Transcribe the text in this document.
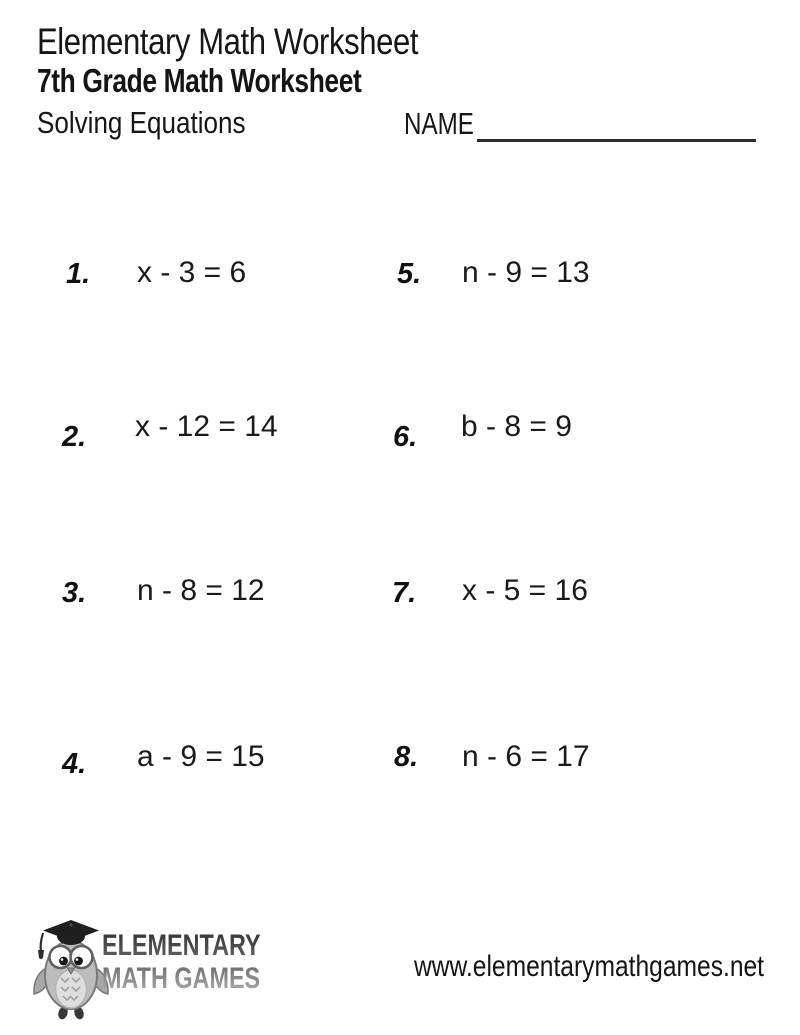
Elementary Math Worksheet
7th Grade Math Worksheet
Solving Equations	NAME
1. x - 3 = 6
2. x - 12 = 14
3. n - 8 = 12
4. a - 9 = 15
5. n - 9 = 13
6. b - 8 = 9
7. x - 5 = 16
8. n - 6 = 17
ELEMENTARY
MATH GAMES	www.elementarymathgames.net
